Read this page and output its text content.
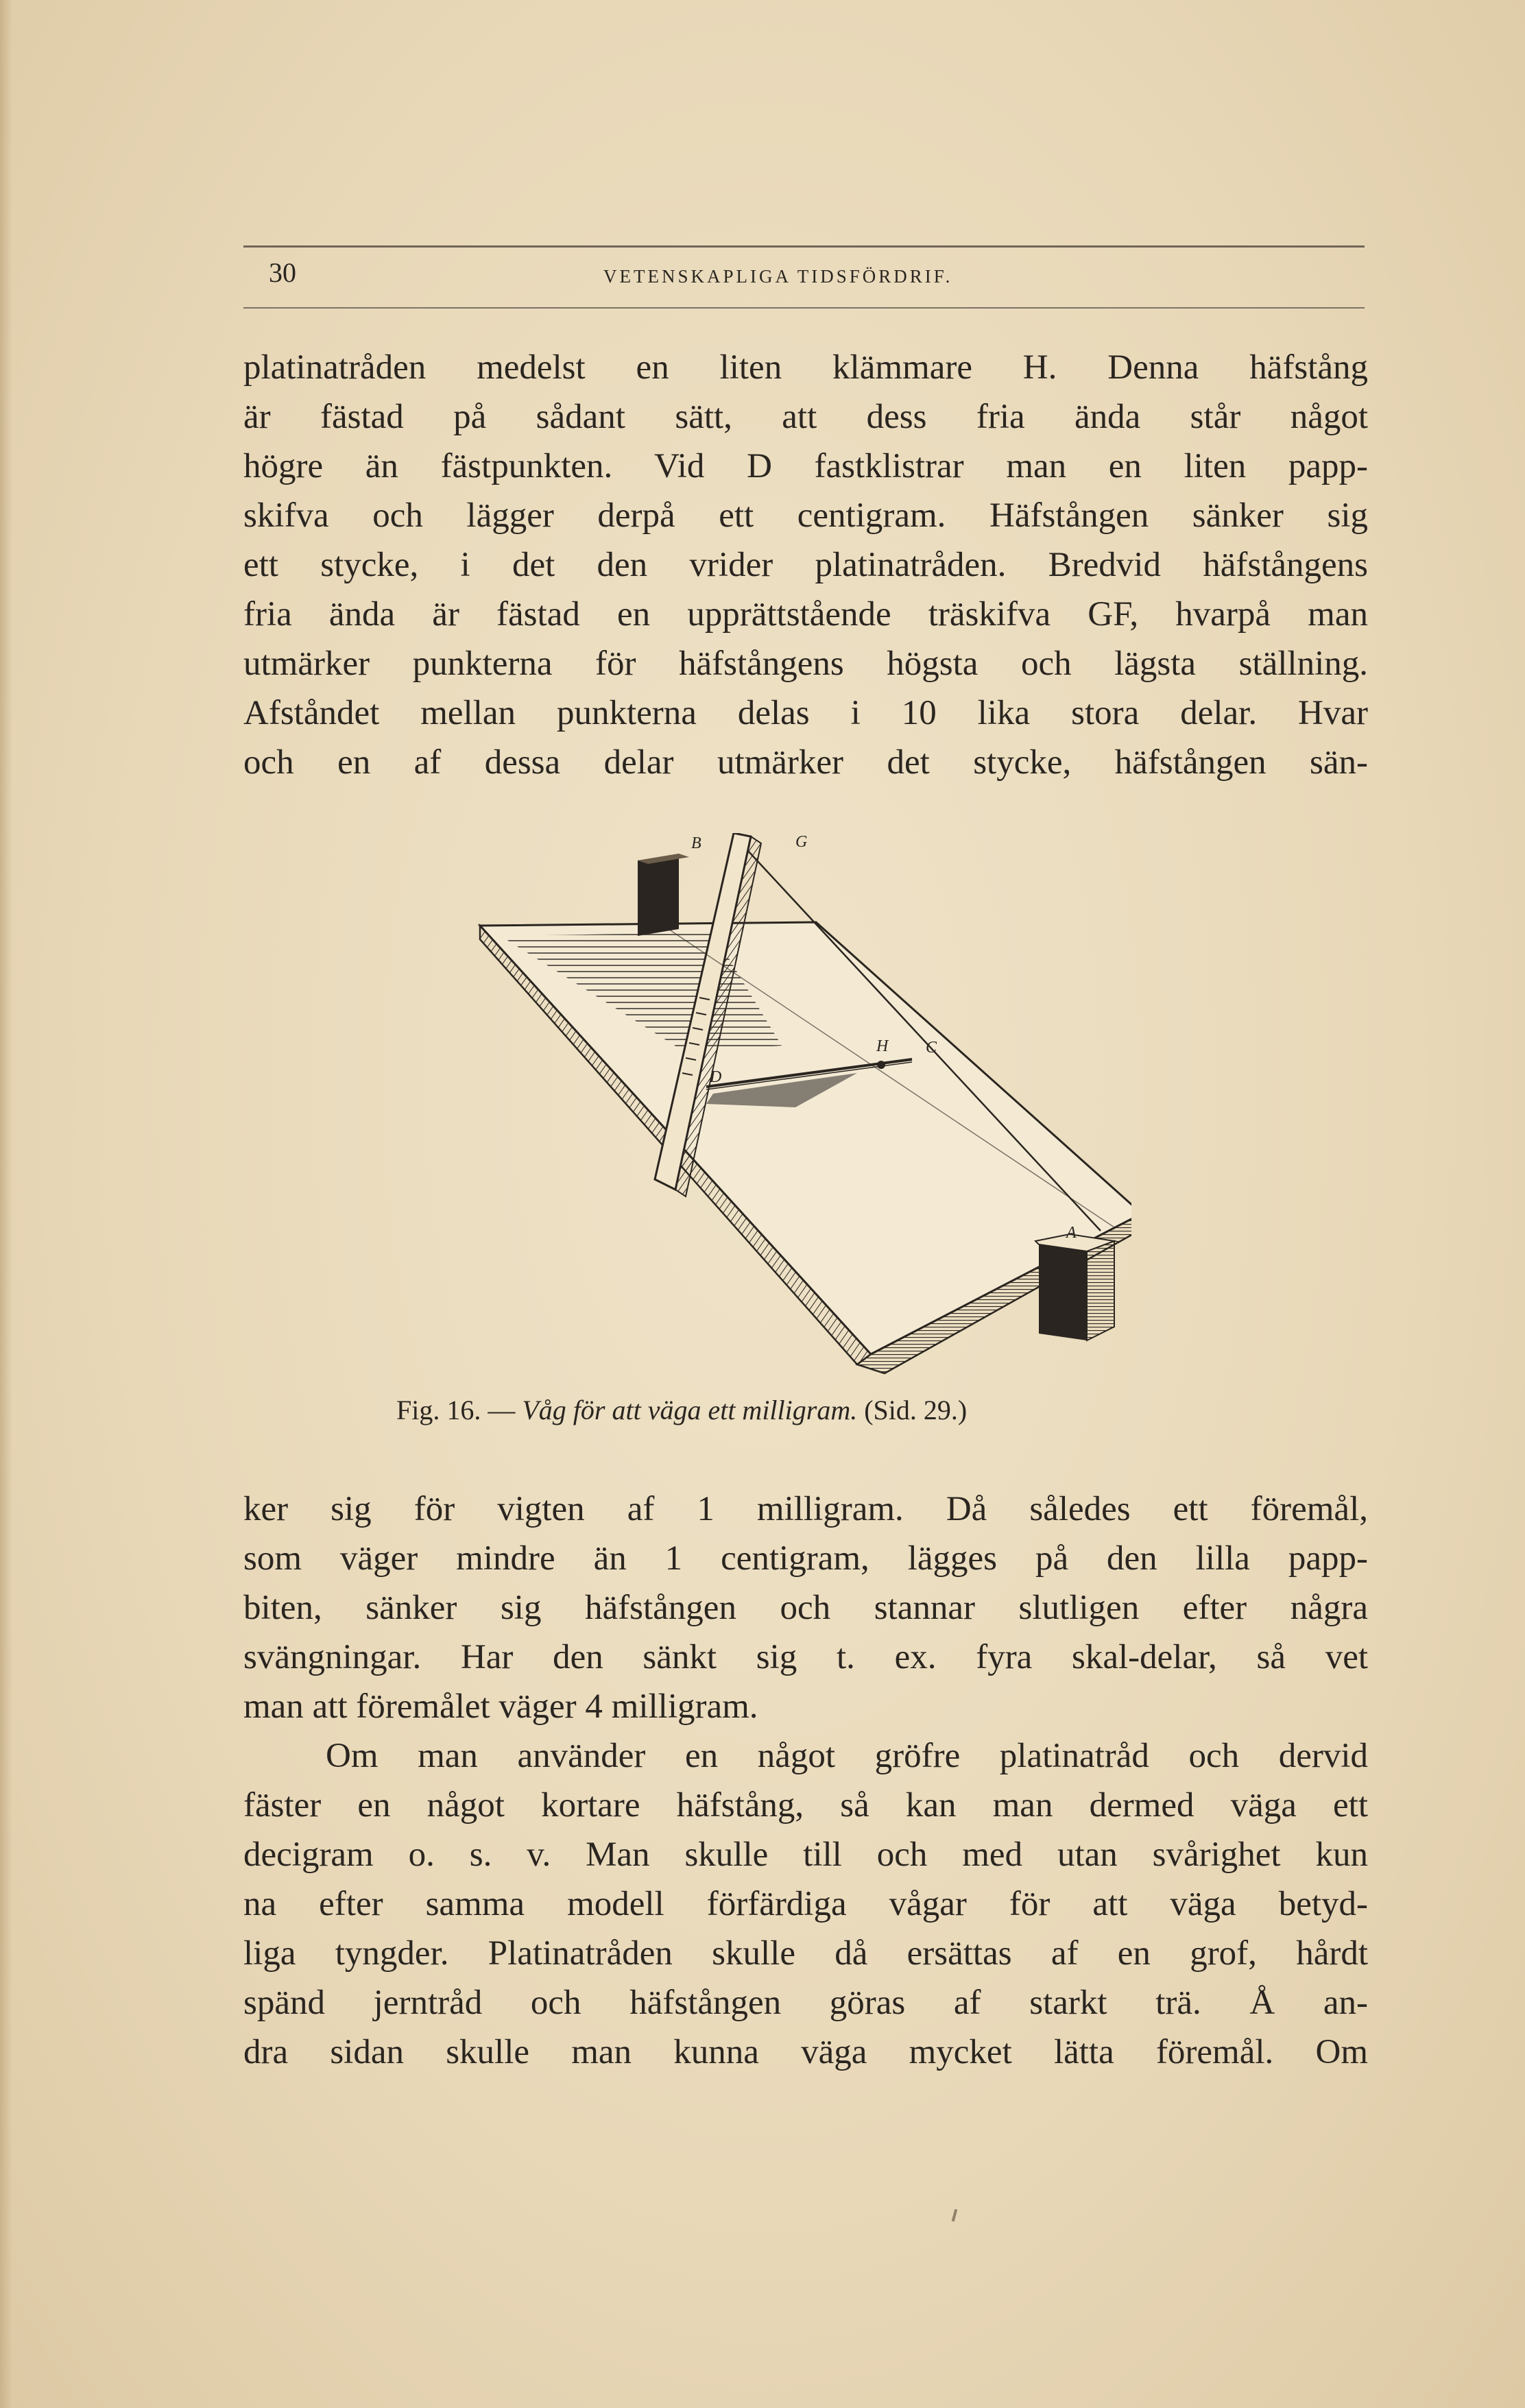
30	VETENSKAPLIGA TIDSFÖRDRIF.
platinatråden medelst en liten klämmare H. Denna häfstång
är fästad på sådant sätt, att dess fria ända står något
högre än fästpunkten. Vid D fastklistrar man en liten papp-
skifva och lägger derpå ett centigram. Häfstången sänker sig
ett stycke, i det den vrider platinatråden. Bredvid häfstångens
fria ända är fästad en upprättstående träskifva GF, hvarpå man
utmärker punkterna för häfstångens högsta och lägsta ställning.
Afståndet mellan punkterna delas i 10 lika stora delar. Hvar
och en af dessa delar utmärker det stycke, häfstången sän-
B	G
H C
D
A
Fig. 16. — Våg för att väga ett milligram. (Sid. 29.)
ker sig för vigten af 1 milligram. Då således ett föremål,
som väger mindre än 1 centigram, lägges på den lilla papp-
biten, sänker sig häfstången och stannar slutligen efter några
svängningar. Har den sänkt sig t. ex. fyra skal-delar, så vet
man att föremålet väger 4 milligram.
Om man använder en något gröfre platinatråd och dervid
fäster en något kortare häfstång, så kan man dermed väga ett
decigram o. s. v. Man skulle till och med utan svårighet kun
na efter samma modell förfärdiga vågar för att väga betyd-
liga tyngder. Platinatråden skulle då ersättas af en grof, hårdt
spänd jerntråd och häfstången göras af starkt trä. Å an-
dra sidan skulle man kunna väga mycket lätta föremål. Om
